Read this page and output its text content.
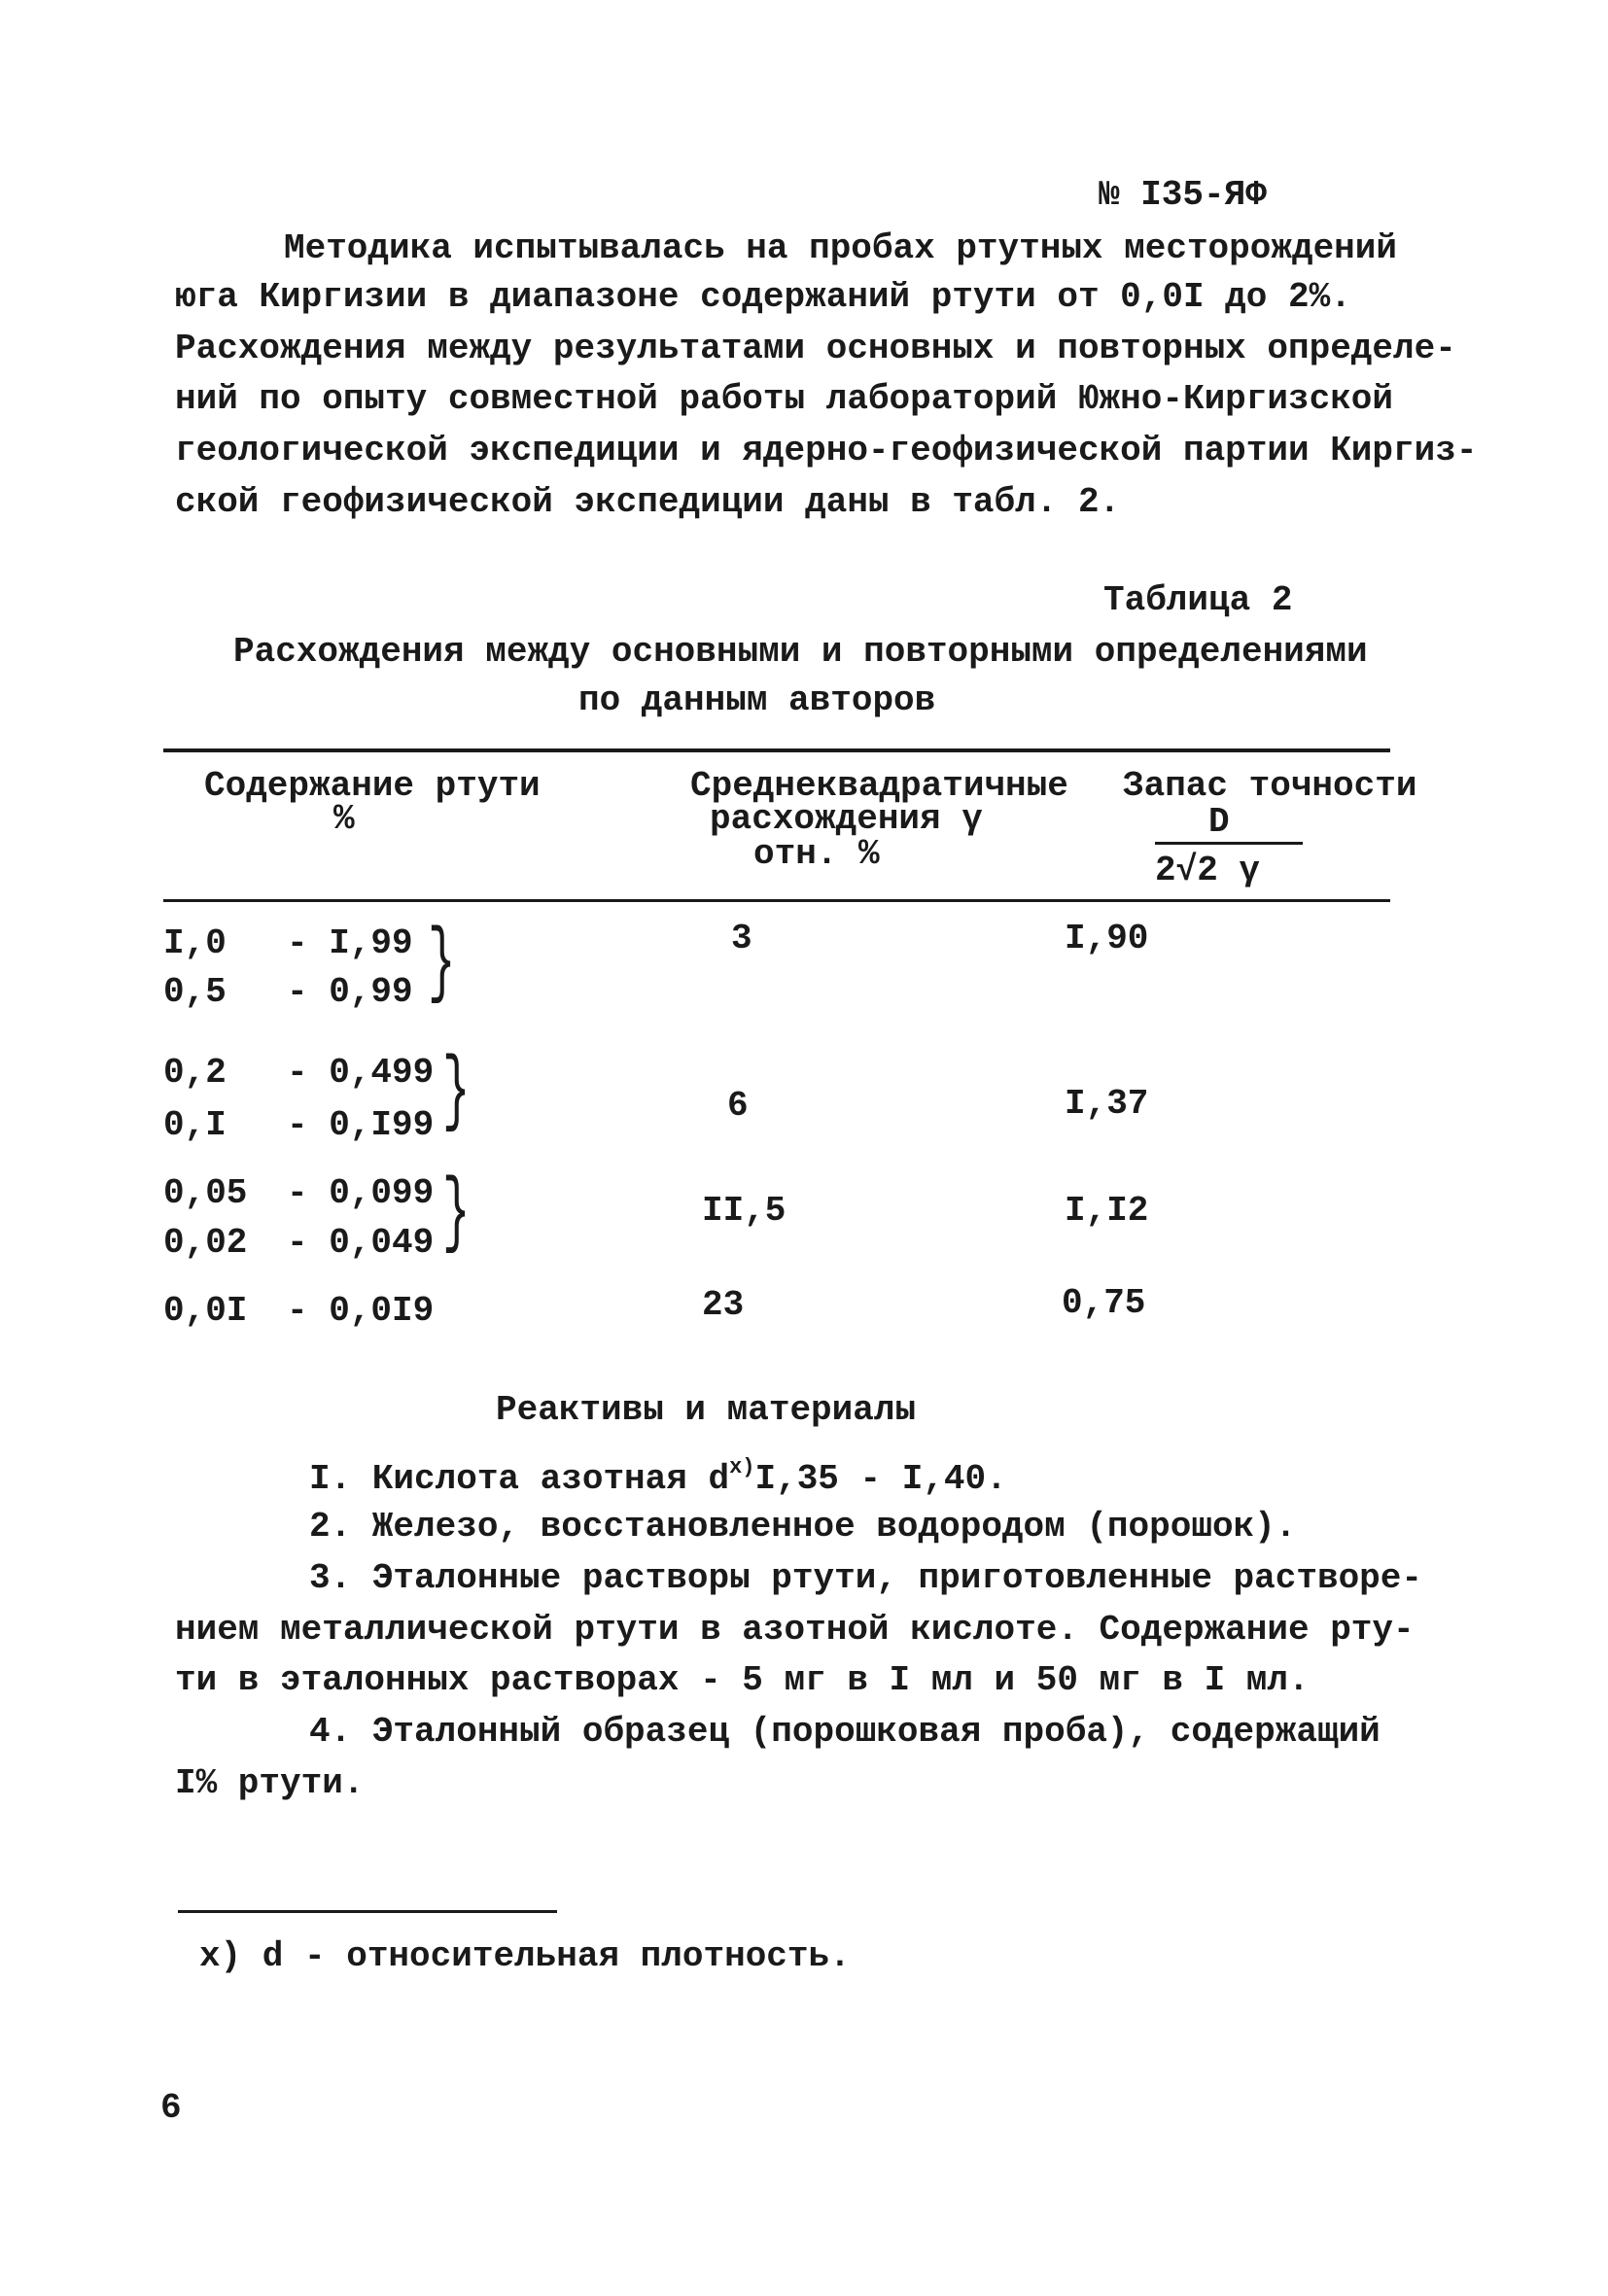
№ I35-ЯФ
Методика испытывалась на пробах ртутных месторождений
юга Киргизии в диапазоне содержаний ртути от 0,0I до 2%.
Расхождения между результатами основных и повторных определе-
ний по опыту совместной работы лабораторий Южно-Киргизской
геологической экспедиции и ядерно-геофизической партии Киргиз-
ской геофизической экспедиции даны в табл. 2.
Таблица 2
Расхождения между основными и повторными определениями
по данным авторов
Содержание ртути
%
Среднеквадратичные
расхождения γ
отн. %
Запас точности
D
2√2 γ
I,0 - I,99
0,5 - 0,99 }	3	I,90
0,2 - 0,499
0,I - 0,I99 }	6	I,37
0,05 - 0,099
0,02 - 0,049 }	II,5	I,I2
0,0I - 0,0I9	23	0,75
Реактивы и материалы
I. Кислота азотная $d^{x)}I,35 - I,40$.
2. Железо, восстановленное водородом (порошок).
3. Эталонные растворы ртути, приготовленные растворе-
нием металлической ртути в азотной кислоте. Содержание рту-
ти в эталонных растворах - 5 мг в I мл и 50 мг в I мл.
4. Эталонный образец (порошковая проба), содержащий
I% ртути.
x) d - относительная плотность.
6
